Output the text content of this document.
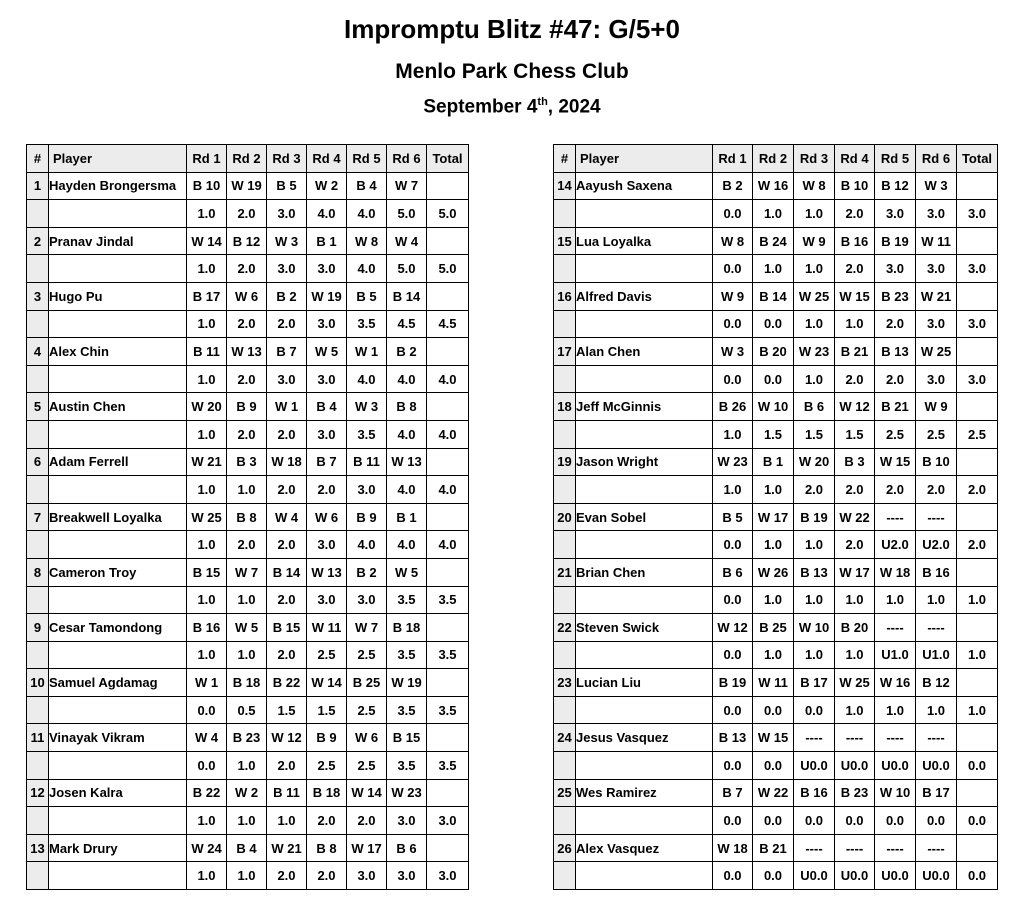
Impromptu Blitz #47: G/5+0
Menlo Park Chess Club
September 4th, 2024
#	Player	Rd 1	Rd 2	Rd 3	Rd 4	Rd 5	Rd 6	Total
1	Hayden Brongersma	B 10	W 19	B 5	W 2	B 4	W 7	
		1.0	2.0	3.0	4.0	4.0	5.0	5.0
2	Pranav Jindal	W 14	B 12	W 3	B 1	W 8	W 4	
		1.0	2.0	3.0	3.0	4.0	5.0	5.0
3	Hugo Pu	B 17	W 6	B 2	W 19	B 5	B 14	
		1.0	2.0	2.0	3.0	3.5	4.5	4.5
4	Alex Chin	B 11	W 13	B 7	W 5	W 1	B 2	
		1.0	2.0	3.0	3.0	4.0	4.0	4.0
5	Austin Chen	W 20	B 9	W 1	B 4	W 3	B 8	
		1.0	2.0	2.0	3.0	3.5	4.0	4.0
6	Adam Ferrell	W 21	B 3	W 18	B 7	B 11	W 13	
		1.0	1.0	2.0	2.0	3.0	4.0	4.0
7	Breakwell Loyalka	W 25	B 8	W 4	W 6	B 9	B 1	
		1.0	2.0	2.0	3.0	4.0	4.0	4.0
8	Cameron Troy	B 15	W 7	B 14	W 13	B 2	W 5	
		1.0	1.0	2.0	3.0	3.0	3.5	3.5
9	Cesar Tamondong	B 16	W 5	B 15	W 11	W 7	B 18	
		1.0	1.0	2.0	2.5	2.5	3.5	3.5
10	Samuel Agdamag	W 1	B 18	B 22	W 14	B 25	W 19	
		0.0	0.5	1.5	1.5	2.5	3.5	3.5
11	Vinayak Vikram	W 4	B 23	W 12	B 9	W 6	B 15	
		0.0	1.0	2.0	2.5	2.5	3.5	3.5
12	Josen Kalra	B 22	W 2	B 11	B 18	W 14	W 23	
		1.0	1.0	1.0	2.0	2.0	3.0	3.0
13	Mark Drury	W 24	B 4	W 21	B 8	W 17	B 6	
		1.0	1.0	2.0	2.0	3.0	3.0	3.0
#	Player	Rd 1	Rd 2	Rd 3	Rd 4	Rd 5	Rd 6	Total
14	Aayush Saxena	B 2	W 16	W 8	B 10	B 12	W 3	
		0.0	1.0	1.0	2.0	3.0	3.0	3.0
15	Lua Loyalka	W 8	B 24	W 9	B 16	B 19	W 11	
		0.0	1.0	1.0	2.0	3.0	3.0	3.0
16	Alfred Davis	W 9	B 14	W 25	W 15	B 23	W 21	
		0.0	0.0	1.0	1.0	2.0	3.0	3.0
17	Alan Chen	W 3	B 20	W 23	B 21	B 13	W 25	
		0.0	0.0	1.0	2.0	2.0	3.0	3.0
18	Jeff McGinnis	B 26	W 10	B 6	W 12	B 21	W 9	
		1.0	1.5	1.5	1.5	2.5	2.5	2.5
19	Jason Wright	W 23	B 1	W 20	B 3	W 15	B 10	
		1.0	1.0	2.0	2.0	2.0	2.0	2.0
20	Evan Sobel	B 5	W 17	B 19	W 22	----	----	
		0.0	1.0	1.0	2.0	U2.0	U2.0	2.0
21	Brian Chen	B 6	W 26	B 13	W 17	W 18	B 16	
		0.0	1.0	1.0	1.0	1.0	1.0	1.0
22	Steven Swick	W 12	B 25	W 10	B 20	----	----	
		0.0	1.0	1.0	1.0	U1.0	U1.0	1.0
23	Lucian Liu	B 19	W 11	B 17	W 25	W 16	B 12	
		0.0	0.0	0.0	1.0	1.0	1.0	1.0
24	Jesus Vasquez	B 13	W 15	----	----	----	----	
		0.0	0.0	U0.0	U0.0	U0.0	U0.0	0.0
25	Wes Ramirez	B 7	W 22	B 16	B 23	W 10	B 17	
		0.0	0.0	0.0	0.0	0.0	0.0	0.0
26	Alex Vasquez	W 18	B 21	----	----	----	----	
		0.0	0.0	U0.0	U0.0	U0.0	U0.0	0.0
